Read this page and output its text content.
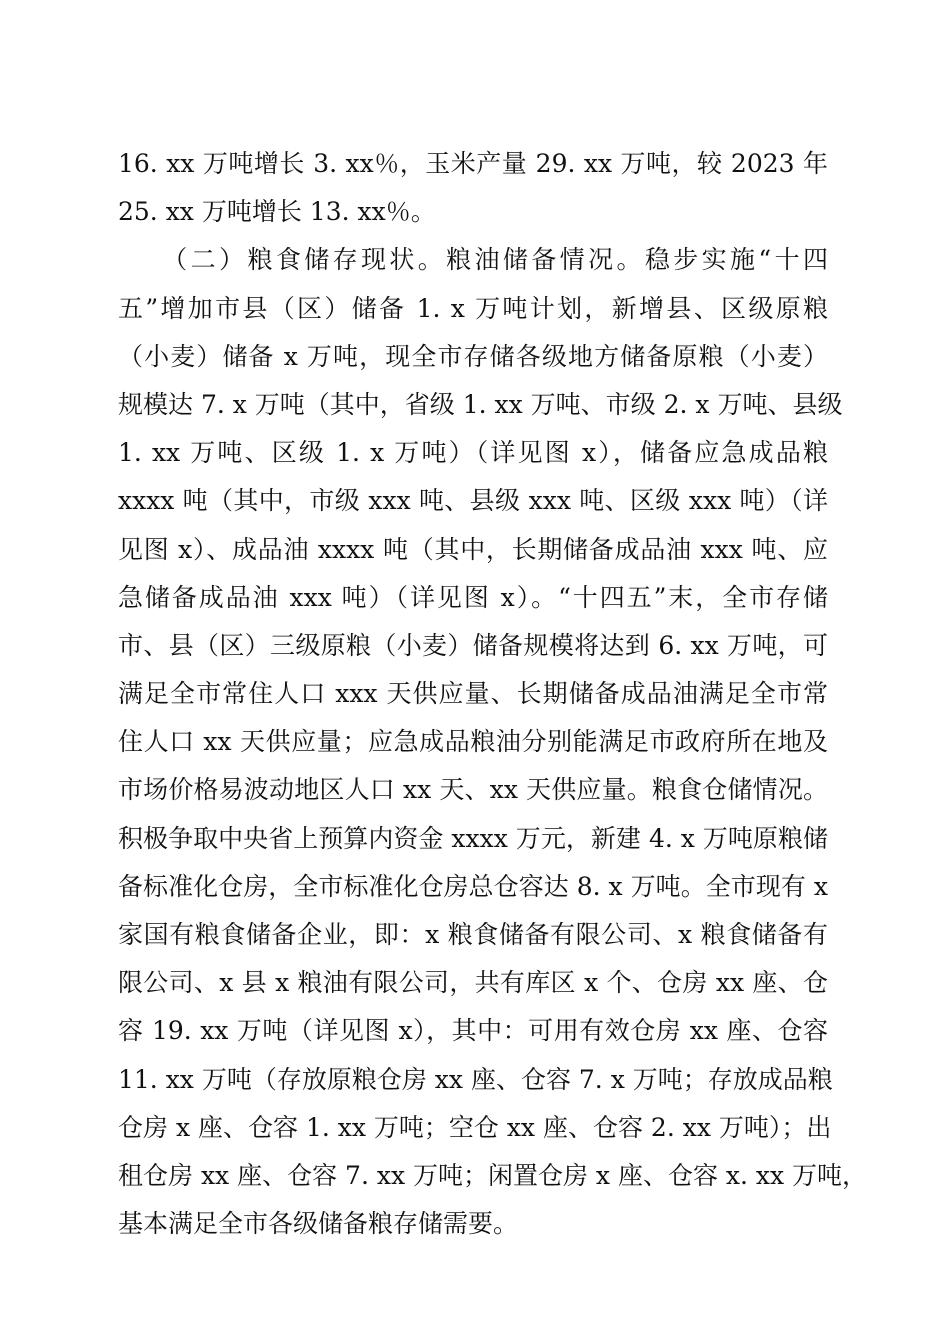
16. xx 万吨增长 3. xx％，玉米产量 29. xx 万吨，较 2023 年
25. xx 万吨增长 13. xx％。
　　（二）粮食储存现状。粮油储备情况。稳步实施“十四
五”增加市县（区）储备 1. x 万吨计划，新增县、区级原粮
（小麦）储备 x 万吨，现全市存储各级地方储备原粮（小麦）
规模达 7. x 万吨（其中，省级 1. xx 万吨、市级 2. x 万吨、县级
1. xx 万吨、区级 1. x 万吨）（详见图 x），储备应急成品粮
xxxx 吨（其中，市级 xxx 吨、县级 xxx 吨、区级 xxx 吨）（详
见图 x）、成品油 xxxx 吨（其中，长期储备成品油 xxx 吨、应
急储备成品油 xxx 吨）（详见图 x）。“十四五”末，全市存储
市、县（区）三级原粮（小麦）储备规模将达到 6. xx 万吨，可
满足全市常住人口 xxx 天供应量、长期储备成品油满足全市常
住人口 xx 天供应量；应急成品粮油分别能满足市政府所在地及
市场价格易波动地区人口 xx 天、xx 天供应量。粮食仓储情况。
积极争取中央省上预算内资金 xxxx 万元，新建 4. x 万吨原粮储
备标准化仓房，全市标准化仓房总仓容达 8. x 万吨。全市现有 x
家国有粮食储备企业，即：x 粮食储备有限公司、x 粮食储备有
限公司、x 县 x 粮油有限公司，共有库区 x 个、仓房 xx 座、仓
容 19. xx 万吨（详见图 x），其中：可用有效仓房 xx 座、仓容
11. xx 万吨（存放原粮仓房 xx 座、仓容 7. x 万吨；存放成品粮
仓房 x 座、仓容 1. xx 万吨；空仓 xx 座、仓容 2. xx 万吨）；出
租仓房 xx 座、仓容 7. xx 万吨；闲置仓房 x 座、仓容 x. xx 万吨，
基本满足全市各级储备粮存储需要。
